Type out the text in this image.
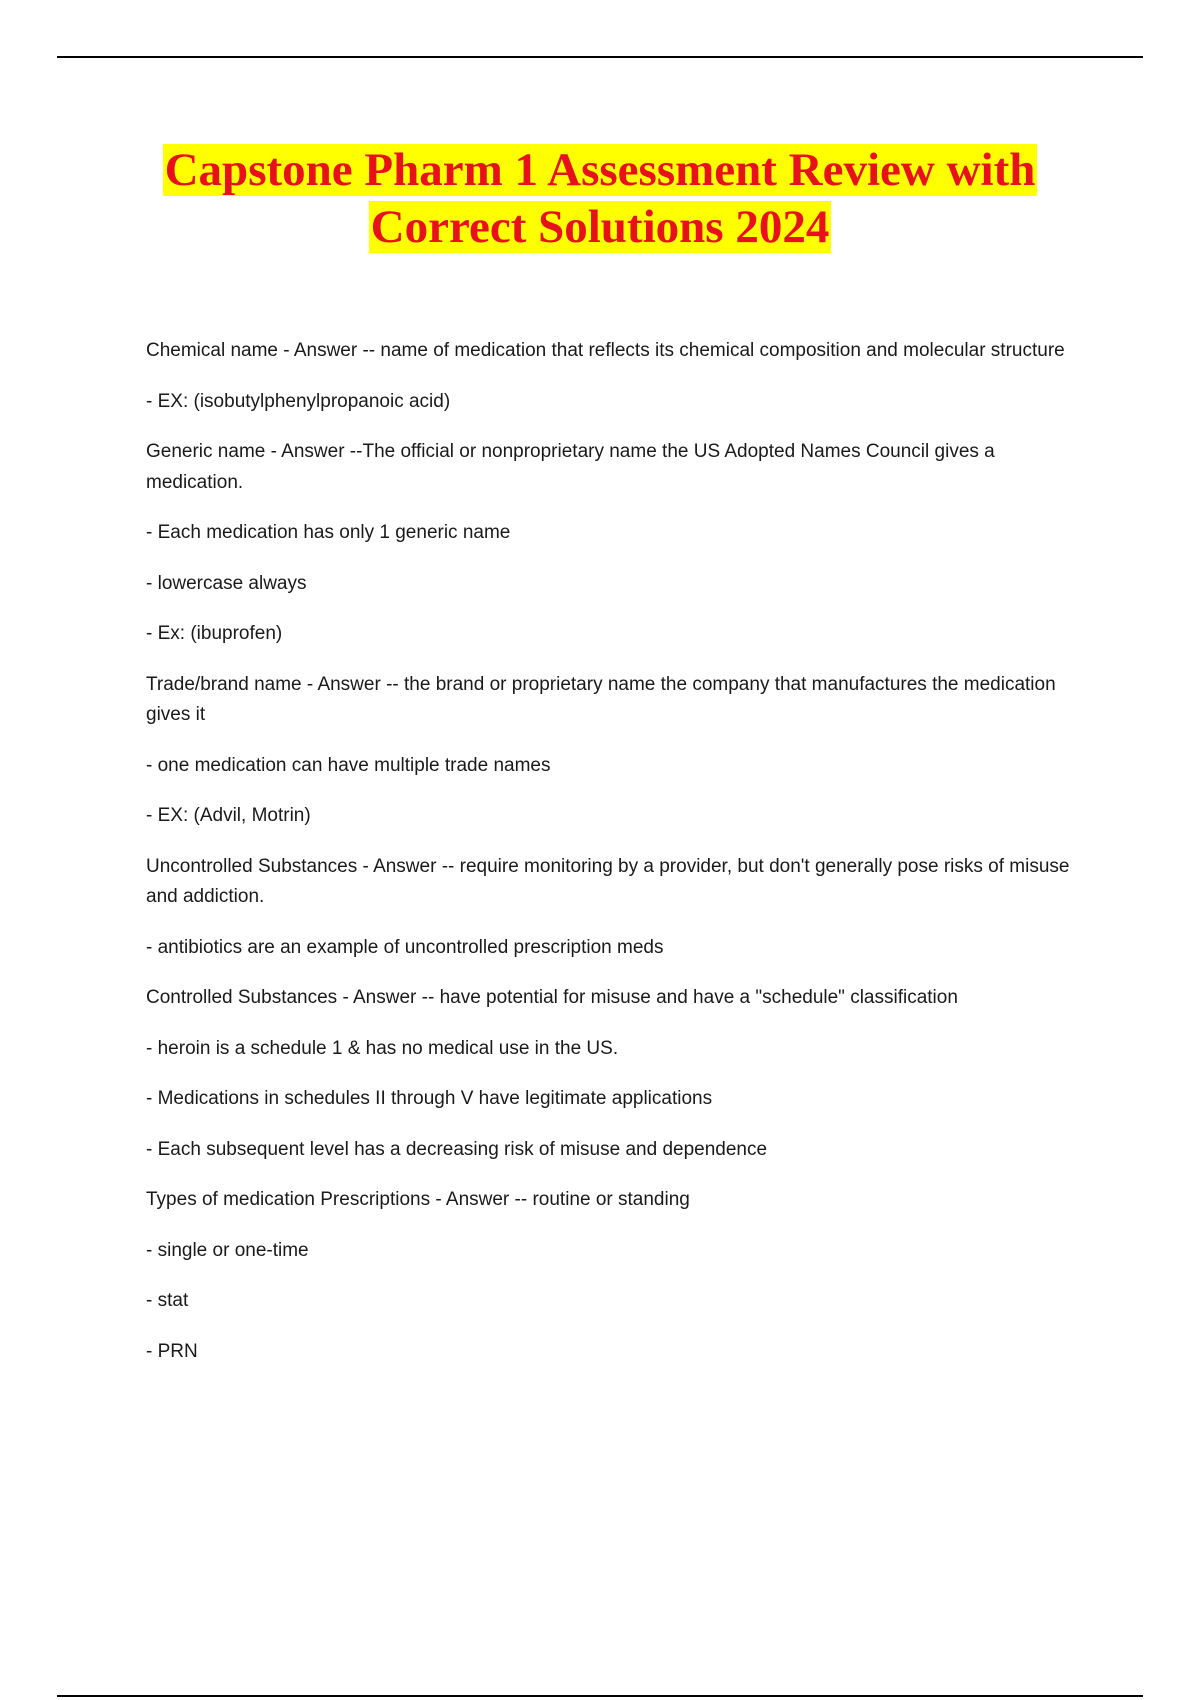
Capstone Pharm 1 Assessment Review with
Correct Solutions 2024

Chemical name - Answer -- name of medication that reflects its chemical composition and molecular structure

- EX: (isobutylphenylpropanoic acid)

Generic name - Answer --The official or nonproprietary name the US Adopted Names Council gives a medication.

- Each medication has only 1 generic name

- lowercase always

- Ex: (ibuprofen)

Trade/brand name - Answer -- the brand or proprietary name the company that manufactures the medication gives it

- one medication can have multiple trade names

- EX: (Advil, Motrin)

Uncontrolled Substances - Answer -- require monitoring by a provider, but don't generally pose risks of misuse and addiction.

- antibiotics are an example of uncontrolled prescription meds

Controlled Substances - Answer -- have potential for misuse and have a "schedule" classification

- heroin is a schedule 1 & has no medical use in the US.

- Medications in schedules II through V have legitimate applications

- Each subsequent level has a decreasing risk of misuse and dependence

Types of medication Prescriptions - Answer -- routine or standing

- single or one-time

- stat

- PRN
